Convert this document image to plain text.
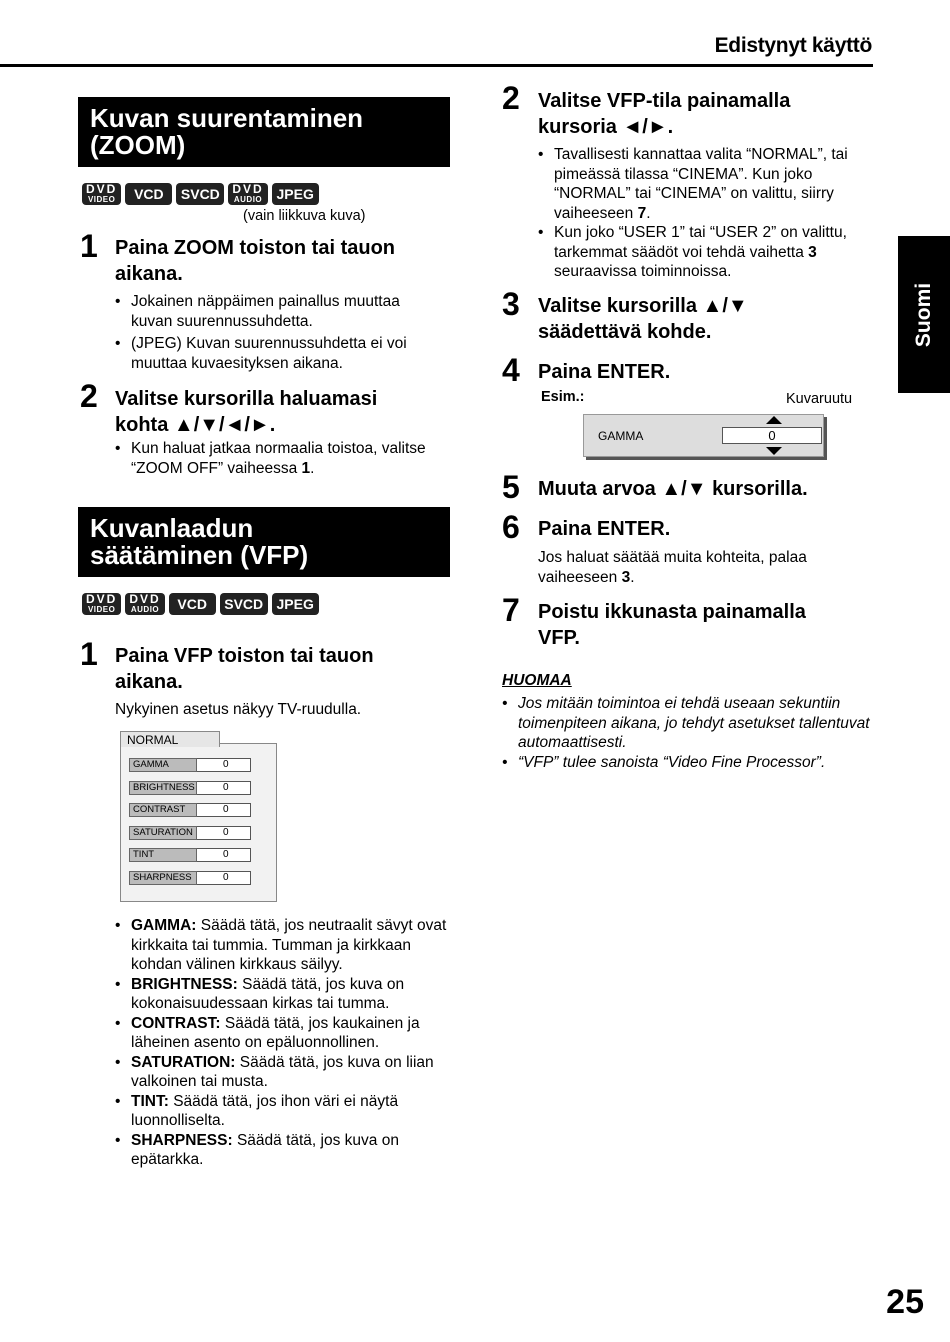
Edistynyt käyttö
Suomi
Kuvan suurentaminen
(ZOOM)
DVD
VIDEO	VCD	SVCD	DVD
AUDIO	JPEG
(vain liikkuva kuva)
1 Paina ZOOM toiston tai tauon
aikana.
• Jokainen näppäimen painallus muuttaa kuvan suurennussuhdetta.
• (JPEG) Kuvan suurennussuhdetta ei voi muuttaa kuvaesityksen aikana.
2 Valitse kursorilla haluamasi
kohta ▲/▼/◄/►.
• Kun haluat jatkaa normaalia toistoa, valitse “ZOOM OFF” vaiheessa 1.
Kuvanlaadun
säätäminen (VFP)
DVD
VIDEO
DVD
AUDIO	VCD	SVCD JPEG
1 Paina VFP toiston tai tauon
aikana.
Nykyinen asetus näkyy TV-ruudulla.
GAMMA	0
BRIGHTNESS	0
CONTRAST	0
SATURATION	0
TINT	0
SHARPNESS	0
NORMAL
• GAMMA: Säädä tätä, jos neutraalit sävyt ovat kirkkaita tai tummia. Tumman ja kirkkaan kohdan välinen kirkkaus säilyy.
• BRIGHTNESS: Säädä tätä, jos kuva on kokonaisuudessaan kirkas tai tumma.
• CONTRAST: Säädä tätä, jos kaukainen ja läheinen asento on epäluonnollinen.
• SATURATION: Säädä tätä, jos kuva on liian valkoinen tai musta.
• TINT: Säädä tätä, jos ihon väri ei näytä luonnolliselta.
• SHARPNESS: Säädä tätä, jos kuva on epätarkka.
2 Valitse VFP-tila painamalla
kursoria ◄/►.
• Tavallisesti kannattaa valita “NORMAL”, tai pimeässä tilassa “CINEMA”. Kun joko “NORMAL” tai “CINEMA” on valittu, siirry vaiheeseen 7.
• Kun joko “USER 1” tai “USER 2” on valittu, tarkemmat säädöt voi tehdä vaihetta 3 seuraavissa toiminnoissa.
3 Valitse kursorilla ▲/▼
säädettävä kohde.
4 Paina ENTER.
Esim.:	Kuvaruutu
GAMMA	0
5 Muuta arvoa ▲/▼ kursorilla.
6 Paina ENTER.
Jos haluat säätää muita kohteita, palaa vaiheeseen 3.
7 Poistu ikkunasta painamalla
VFP.
HUOMAA
• Jos mitään toimintoa ei tehdä useaan sekuntiin toimenpiteen aikana, jo tehdyt asetukset tallentuvat automaattisesti.
• “VFP” tulee sanoista “Video Fine Processor”.
25
